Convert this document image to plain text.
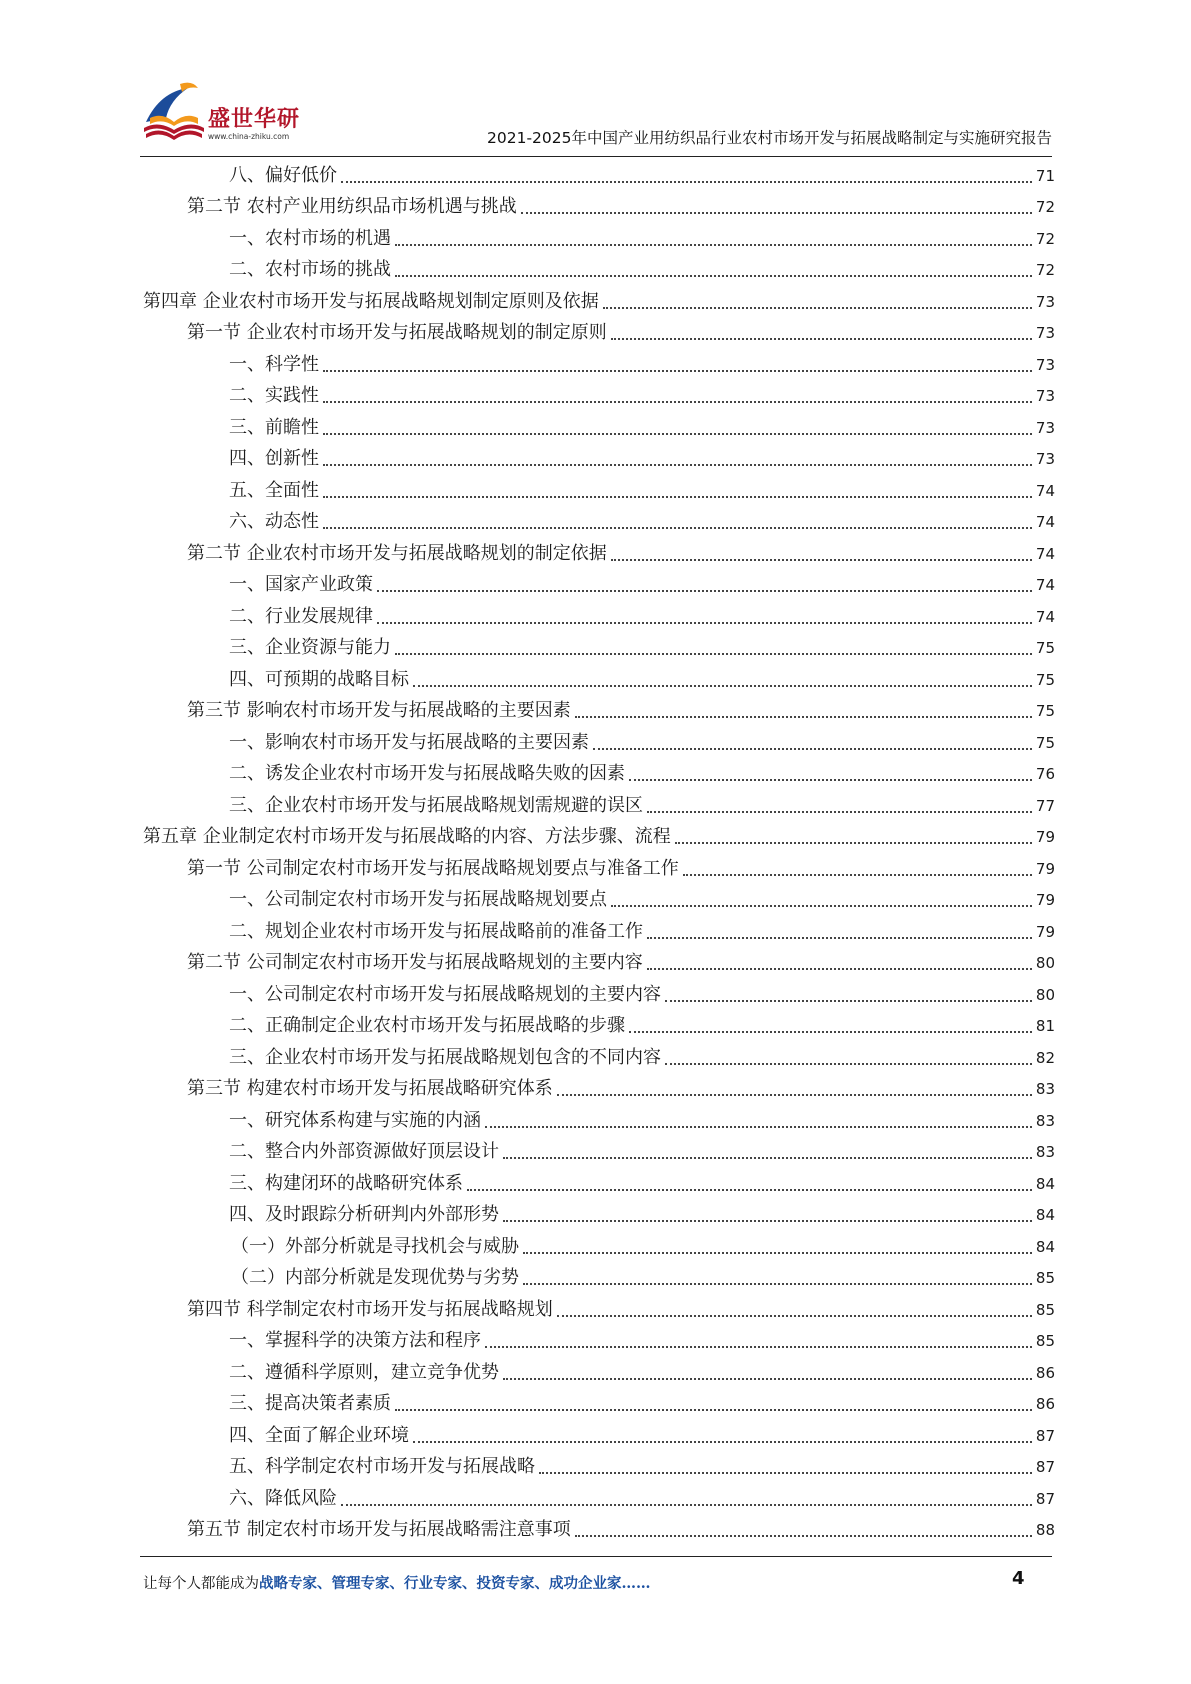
盛世华研
www.china-zhiku.com	2021-2025年中国产业用纺织品行业农村市场开发与拓展战略制定与实施研究报告
八、偏好低价	71
第二节 农村产业用纺织品市场机遇与挑战	72
一、农村市场的机遇	72
二、农村市场的挑战	72
第四章 企业农村市场开发与拓展战略规划制定原则及依据	73
第一节 企业农村市场开发与拓展战略规划的制定原则	73
一、科学性	73
二、实践性	73
三、前瞻性	73
四、创新性	73
五、全面性	74
六、动态性	74
第二节 企业农村市场开发与拓展战略规划的制定依据	74
一、国家产业政策	74
二、行业发展规律	74
三、企业资源与能力	75
四、可预期的战略目标	75
第三节 影响农村市场开发与拓展战略的主要因素	75
一、影响农村市场开发与拓展战略的主要因素	75
二、诱发企业农村市场开发与拓展战略失败的因素	76
三、企业农村市场开发与拓展战略规划需规避的误区	77
第五章 企业制定农村市场开发与拓展战略的内容、方法步骤、流程	79
第一节 公司制定农村市场开发与拓展战略规划要点与准备工作	79
一、公司制定农村市场开发与拓展战略规划要点	79
二、规划企业农村市场开发与拓展战略前的准备工作	79
第二节 公司制定农村市场开发与拓展战略规划的主要内容	80
一、公司制定农村市场开发与拓展战略规划的主要内容	80
二、正确制定企业农村市场开发与拓展战略的步骤	81
三、企业农村市场开发与拓展战略规划包含的不同内容	82
第三节 构建农村市场开发与拓展战略研究体系	83
一、研究体系构建与实施的内涵	83
二、整合内外部资源做好顶层设计	83
三、构建闭环的战略研究体系	84
四、及时跟踪分析研判内外部形势	84
（一）外部分析就是寻找机会与威胁	84
（二）内部分析就是发现优势与劣势	85
第四节 科学制定农村市场开发与拓展战略规划	85
一、掌握科学的决策方法和程序	85
二、遵循科学原则，建立竞争优势	86
三、提高决策者素质	86
四、全面了解企业环境	87
五、科学制定农村市场开发与拓展战略	87
六、降低风险	87
第五节 制定农村市场开发与拓展战略需注意事项	88
让每个人都能成为战略专家、管理专家、行业专家、投资专家、成功企业家……	4
